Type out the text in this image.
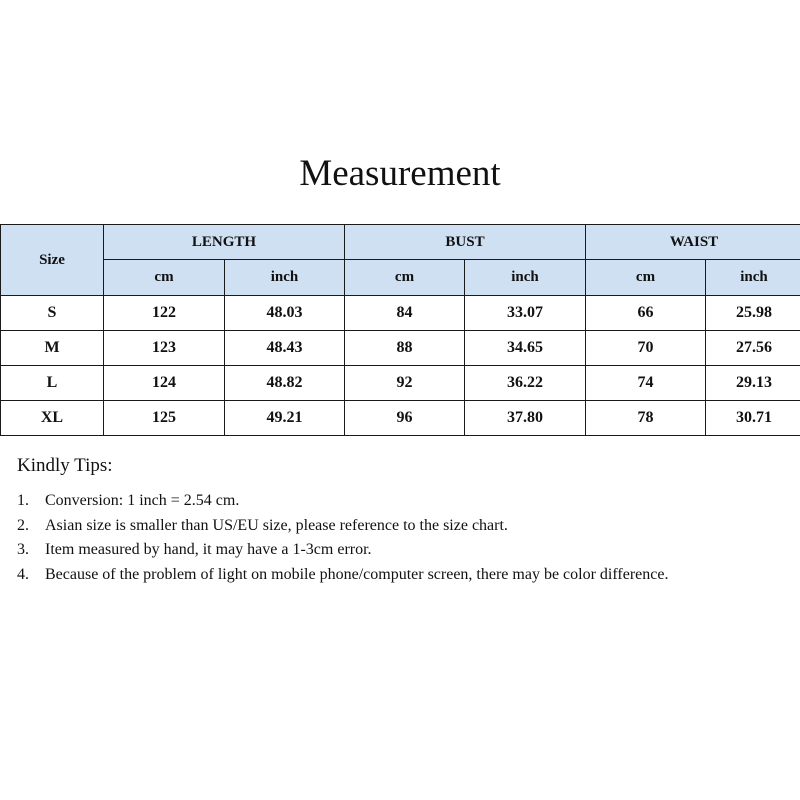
Measurement
Size	LENGTH		BUST		WAIST	
	cm	inch	cm	inch	cm	inch
S	122	48.03	84	33.07	66	25.98
M	123	48.43	88	34.65	70	27.56
L	124	48.82	92	36.22	74	29.13
XL	125	49.21	96	37.80	78	30.71
Kindly Tips:
1.	Conversion: 1 inch = 2.54 cm.
2.	Asian size is smaller than US/EU size, please reference to the size chart.
3.	Item measured by hand, it may have a 1-3cm error.
4.	Because of the problem of light on mobile phone/computer screen, there may be color difference.
